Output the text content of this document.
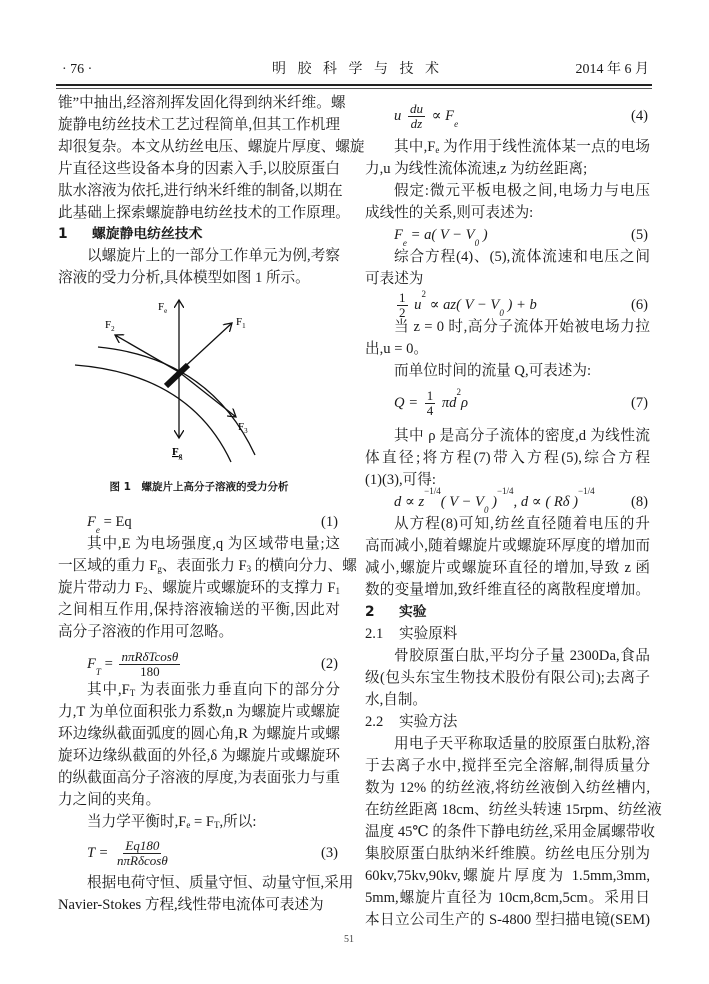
· 76 ·	明 胶 科 学 与 技 术	2014 年 6 月
锥”中抽出,经溶剂挥发固化得到纳米纤维。螺
旋静电纺丝技术工艺过程简单,但其工作机理
却很复杂。本文从纺丝电压、螺旋片厚度、螺旋
片直径这些设备本身的因素入手,以胶原蛋白
肽水溶液为依托,进行纳米纤维的制备,以期在
此基础上探索螺旋静电纺丝技术的工作原理。
1 螺旋静电纺丝技术
以螺旋片上的一部分工作单元为例,考察
溶液的受力分析,具体模型如图 1 所示。
$F_e$
$F_1$
$F_2$
$F_3$
$F_g$
图 1　螺旋片上高分子溶液的受力分析
$F_e = Eq$	(1)
其中,E 为电场强度,q 为区域带电量;这
一区域的重力 $F_g$、表面张力 $F_3$ 的横向分力、螺
旋片带动力 $F_2$、螺旋片或螺旋环的支撑力 $F_1$
之间相互作用,保持溶液输送的平衡,因此对
高分子溶液的作用可忽略。
$F_T = \frac{\text{nπRδTcosθ}}{180}$	(2)
其中$,F_T$ 为表面张力垂直向下的部分分
力,T 为单位面积张力系数,n 为螺旋片或螺旋
环边缘纵截面弧度的圆心角,R 为螺旋片或螺
旋环边缘纵截面的外径,δ 为螺旋片或螺旋环
的纵截面高分子溶液的厚度,为表面张力与重
力之间的夹角。
当力学平衡时$,F_e = F_T$,所以:
$T = \frac{Eq180}{\text{nπRδcosθ}}$	(3)
根据电荷守恒、质量守恒、动量守恒,采用
Navier-Stokes 方程,线性带电流体可表述为
u $\frac{du}{dz} \propto F_e$
(4)
其中$,F_e$ 为作用于线性流体某一点的电场
力,u 为线性流体流速,z 为纺丝距离;
假定:微元平板电极之间,电场力与电压
成线性的关系,则可表述为:
$F_e = a$( $V - V_0$ )	(5)
综合方程(4)、(5),流体流速和电压之间
可表述为
$\frac{1}{2} u^2 \propto az$( $V - V_0$ ) + b	(6)
当 z = 0 时,高分子流体开始被电场力拉
出,u = 0。
而单位时间的流量 Q,可表述为:
$Q = \frac{1}{4} \pi d^2\rho$	(7)
其中 ρ 是高分子流体的密度,d 为线性流
体直径;将方程(7)带入方程(5),综合方程
(1)(3),可得:
$d \propto z^{-1/4}$( $V - V_0$ )$^{-1/4}$, d ∝ ( Rδ )$^{-1/4}$
(8)
从方程(8)可知,纺丝直径随着电压的升
高而减小,随着螺旋片或螺旋环厚度的增加而
减小,螺旋片或螺旋环直径的增加,导致 z 函
数的变量增加,致纤维直径的离散程度增加。
2 实验
2.1 实验原料
骨胶原蛋白肽,平均分子量 2300Da,食品
级(包头东宝生物技术股份有限公司);去离子
水,自制。
2.2 实验方法
用电子天平称取适量的胶原蛋白肽粉,溶
于去离子水中,搅拌至完全溶解,制得质量分
数为 12% 的纺丝液,将纺丝液倒入纺丝槽内,
在纺丝距离 18cm、纺丝头转速 15rpm、纺丝液
温度 45℃ 的条件下静电纺丝,采用金属螺带收
集胶原蛋白肽纳米纤维膜。纺丝电压分别为
60kv,75kv,90kv,螺旋片厚度为 1.5mm,3mm,
5mm,螺旋片直径为 10cm,8cm,5cm。采用日
本日立公司生产的 S-4800 型扫描电镜(SEM)
51
